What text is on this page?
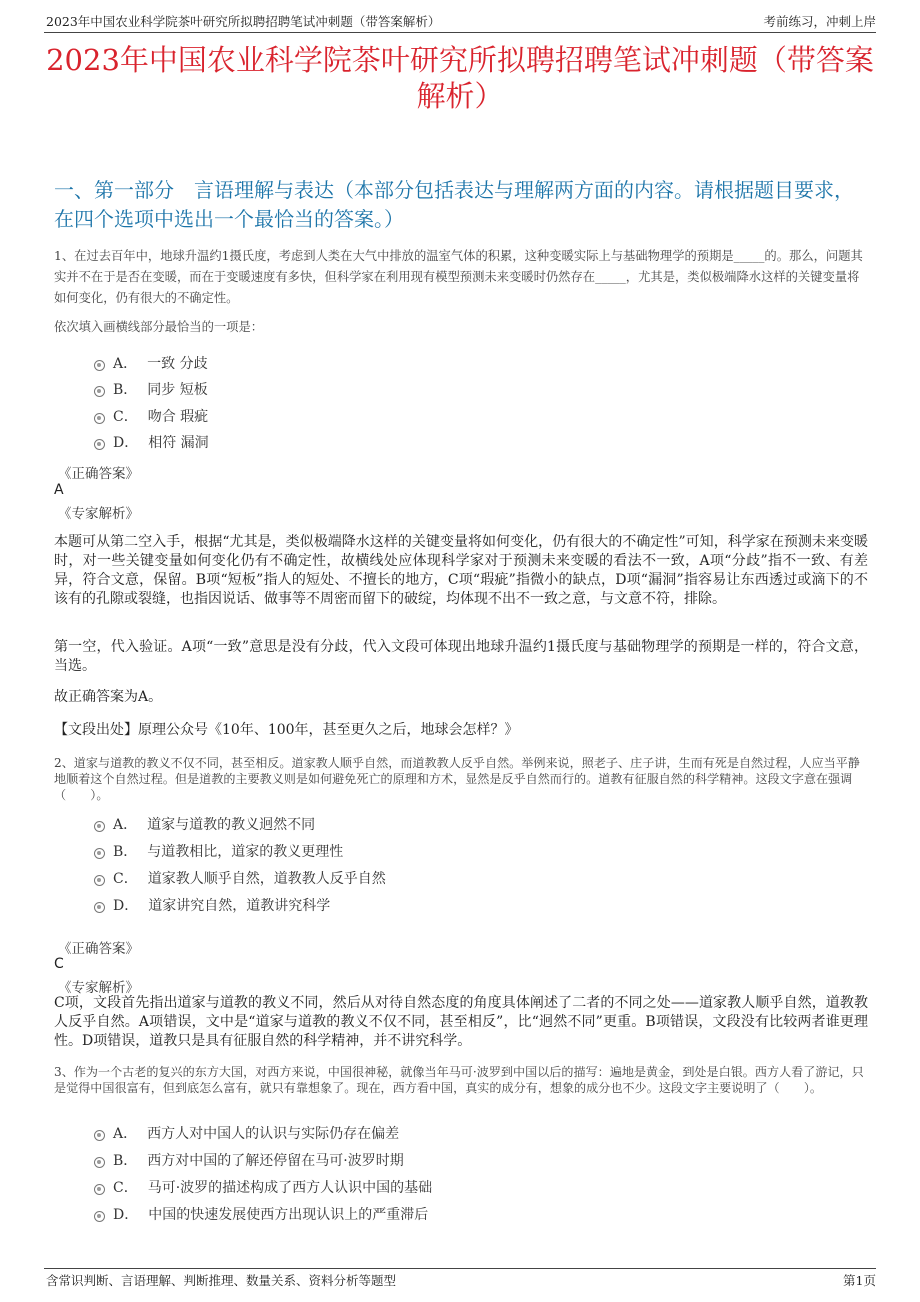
2023年中国农业科学院茶叶研究所拟聘招聘笔试冲刺题（带答案解析）	考前练习，冲刺上岸
2023年中国农业科学院茶叶研究所拟聘招聘笔试冲刺题（带答案解析）
一、第一部分　言语理解与表达（本部分包括表达与理解两方面的内容。请根据题目要求，在四个选项中选出一个最恰当的答案。）
1、在过去百年中，地球升温约1摄氏度，考虑到人类在大气中排放的温室气体的积累，这种变暖实际上与基础物理学的预期是_____的。那么，问题其实并不在于是否在变暖，而在于变暖速度有多快，但科学家在利用现有模型预测未来变暖时仍然存在_____，尤其是，类似极端降水这样的关键变量将如何变化，仍有很大的不确定性。
依次填入画横线部分最恰当的一项是：
A． 一致 分歧
B． 同步 短板
C． 吻合 瑕疵
D． 相符 漏洞
《正确答案》
A
《专家解析》
本题可从第二空入手，根据“尤其是，类似极端降水这样的关键变量将如何变化，仍有很大的不确定性”可知，科学家在预测未来变暖时，对一些关键变量如何变化仍有不确定性，故横线处应体现科学家对于预测未来变暖的看法不一致，A项“分歧”指不一致、有差异，符合文意，保留。B项“短板”指人的短处、不擅长的地方，C项“瑕疵”指微小的缺点，D项“漏洞”指容易让东西透过或滴下的不该有的孔隙或裂缝，也指因说话、做事等不周密而留下的破绽，均体现不出不一致之意，与文意不符，排除。
第一空，代入验证。A项“一致”意思是没有分歧，代入文段可体现出地球升温约1摄氏度与基础物理学的预期是一样的，符合文意，当选。
故正确答案为A。
【文段出处】原理公众号《10年、100年，甚至更久之后，地球会怎样？》
2、道家与道教的教义不仅不同，甚至相反。道家教人顺乎自然，而道教教人反乎自然。举例来说，照老子、庄子讲，生而有死是自然过程，人应当平静地顺着这个自然过程。但是道教的主要教义则是如何避免死亡的原理和方术，显然是反乎自然而行的。道教有征服自然的科学精神。这段文字意在强调（　　）。
A． 道家与道教的教义迥然不同
B． 与道教相比，道家的教义更理性
C． 道家教人顺乎自然，道教教人反乎自然
D． 道家讲究自然，道教讲究科学
《正确答案》
C
《专家解析》
C项，文段首先指出道家与道教的教义不同，然后从对待自然态度的角度具体阐述了二者的不同之处——道家教人顺乎自然，道教教人反乎自然。A项错误，文中是“道家与道教的教义不仅不同，甚至相反”，比“迥然不同”更重。B项错误，文段没有比较两者谁更理性。D项错误，道教只是具有征服自然的科学精神，并不讲究科学。
3、作为一个古老的复兴的东方大国，对西方来说，中国很神秘，就像当年马可·波罗到中国以后的描写：遍地是黄金，到处是白银。西方人看了游记，只是觉得中国很富有，但到底怎么富有，就只有靠想象了。现在，西方看中国，真实的成分有，想象的成分也不少。这段文字主要说明了（　　）。
A． 西方人对中国人的认识与实际仍存在偏差
B． 西方对中国的了解还停留在马可·波罗时期
C． 马可·波罗的描述构成了西方人认识中国的基础
D． 中国的快速发展使西方出现认识上的严重滞后
含常识判断、言语理解、判断推理、数量关系、资料分析等题型	第1页
